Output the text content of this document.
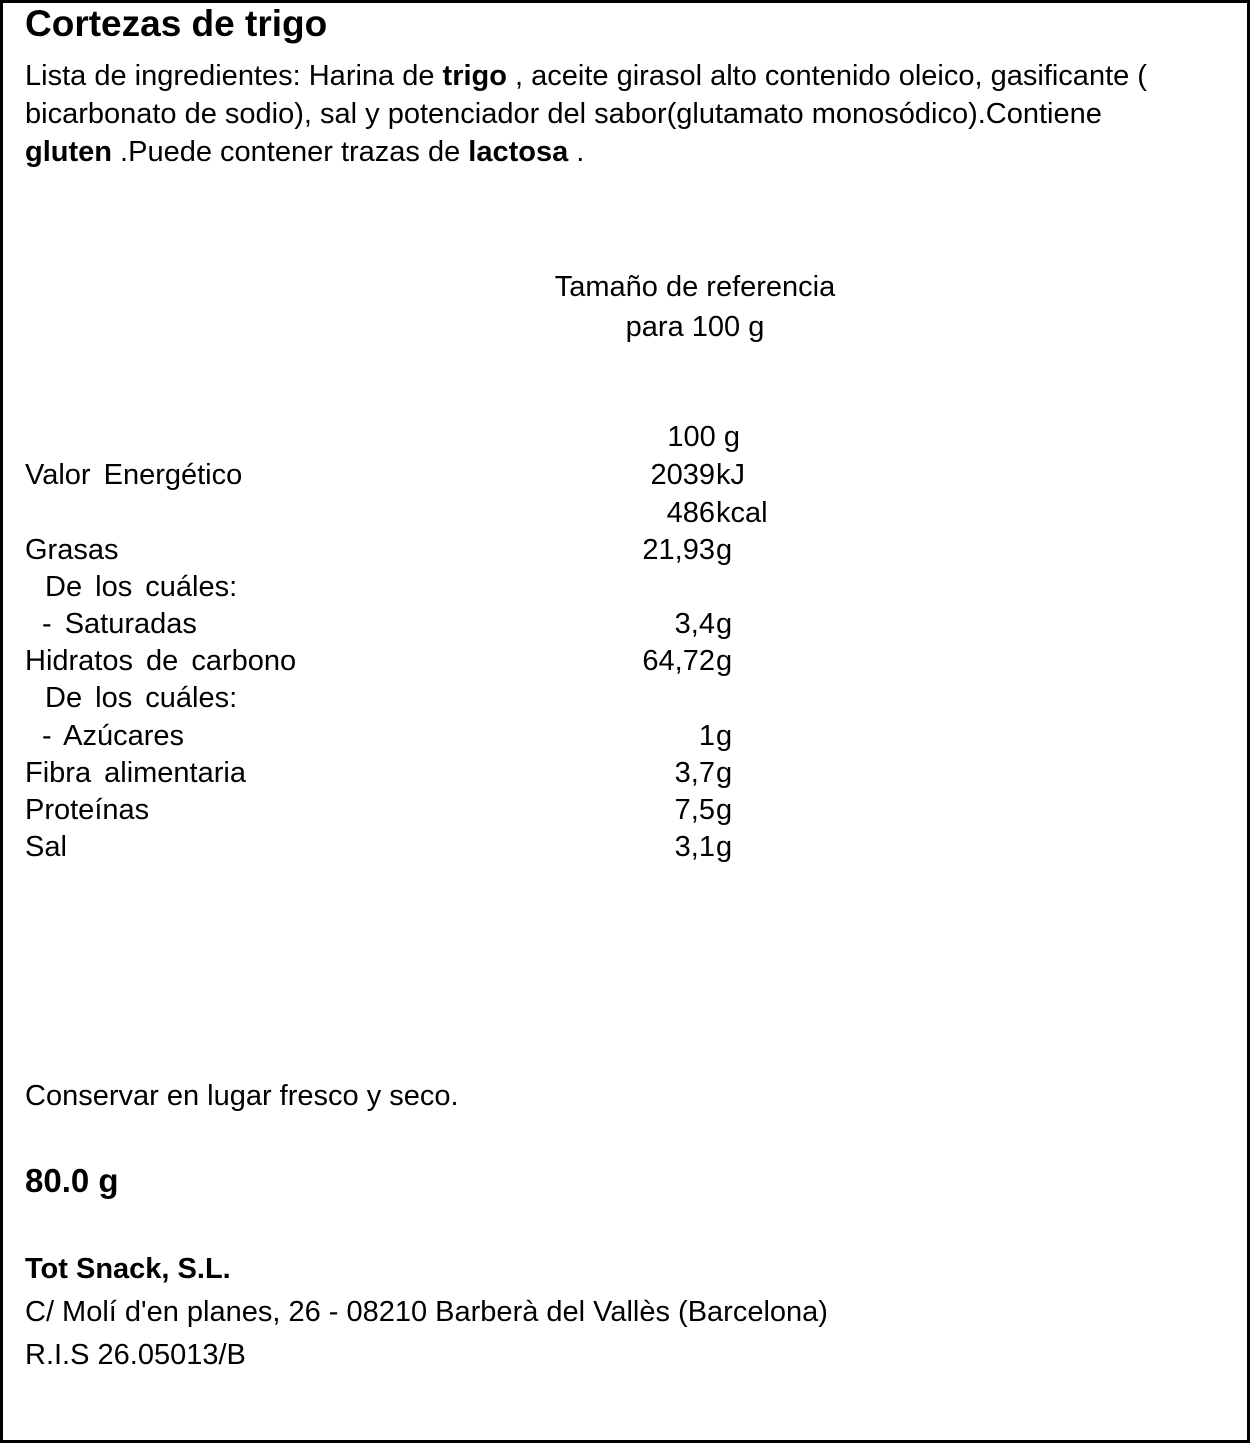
Cortezas de trigo
Lista de ingredientes: Harina de trigo , aceite girasol alto contenido oleico, gasificante ( bicarbonato de sodio), sal y potenciador del sabor(glutamato monosódico).Contiene gluten .Puede contener trazas de lactosa .
Tamaño de referencia
para 100 g
100 g
Valor Energético	2039 kJ
486 kcal
Grasas	21,93 g
De los cuáles:
- Saturadas	3,4 g
Hidratos de carbono	64,72 g
De los cuáles:
- Azúcares	1 g
Fibra alimentaria	3,7 g
Proteínas	7,5 g
Sal	3,1 g
Conservar en lugar fresco y seco.
80.0 g
Tot Snack, S.L.
C/ Molí d'en planes, 26 - 08210 Barberà del Vallès (Barcelona)
R.I.S 26.05013/B
